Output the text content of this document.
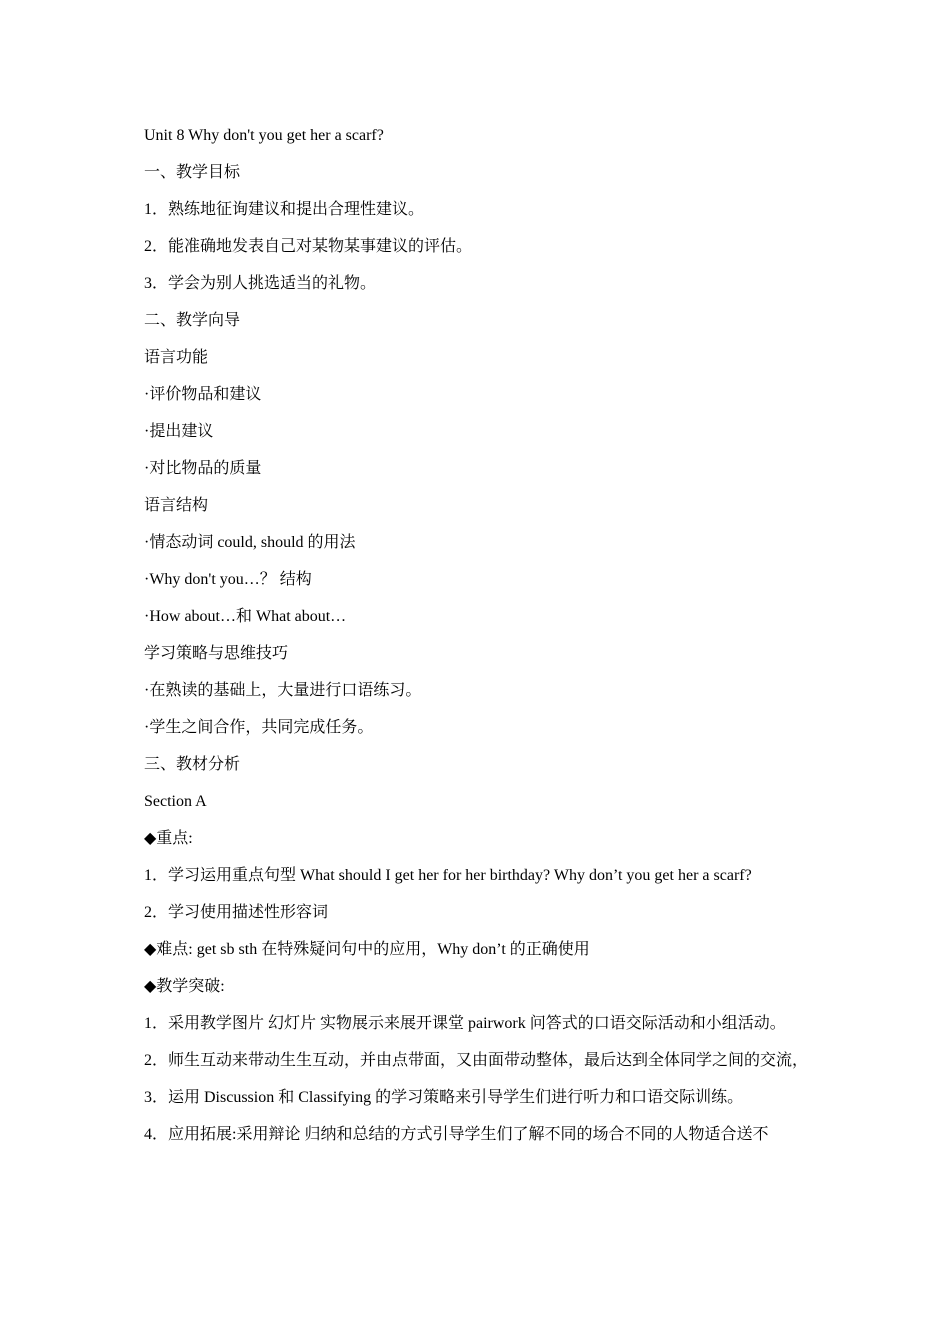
Unit 8 Why don't you get her a scarf?
一、教学目标
1．熟练地征询建议和提出合理性建议。
2．能准确地发表自己对某物某事建议的评估。
3．学会为别人挑选适当的礼物。
二、教学向导
语言功能
·评价物品和建议
·提出建议
·对比物品的质量
语言结构
·情态动词 could, should 的用法
·Why don't you…？ 结构
·How about…和 What about…
学习策略与思维技巧
·在熟读的基础上，大量进行口语练习。
·学生之间合作，共同完成任务。
三、教材分析
Section A
◆重点:
1．学习运用重点句型 What should I get her for her birthday? Why don’t you get her a scarf?
2．学习使用描述性形容词
◆难点: get sb sth 在特殊疑问句中的应用，Why don’t 的正确使用
◆教学突破:
1．采用教学图片 幻灯片 实物展示来展开课堂 pairwork 问答式的口语交际活动和小组活动。
2．师生互动来带动生生互动，并由点带面，又由面带动整体，最后达到全体同学之间的交流，
3．运用 Discussion 和 Classifying 的学习策略来引导学生们进行听力和口语交际训练。
4．应用拓展:采用辩论 归纳和总结的方式引导学生们了解不同的场合不同的人物适合送不
